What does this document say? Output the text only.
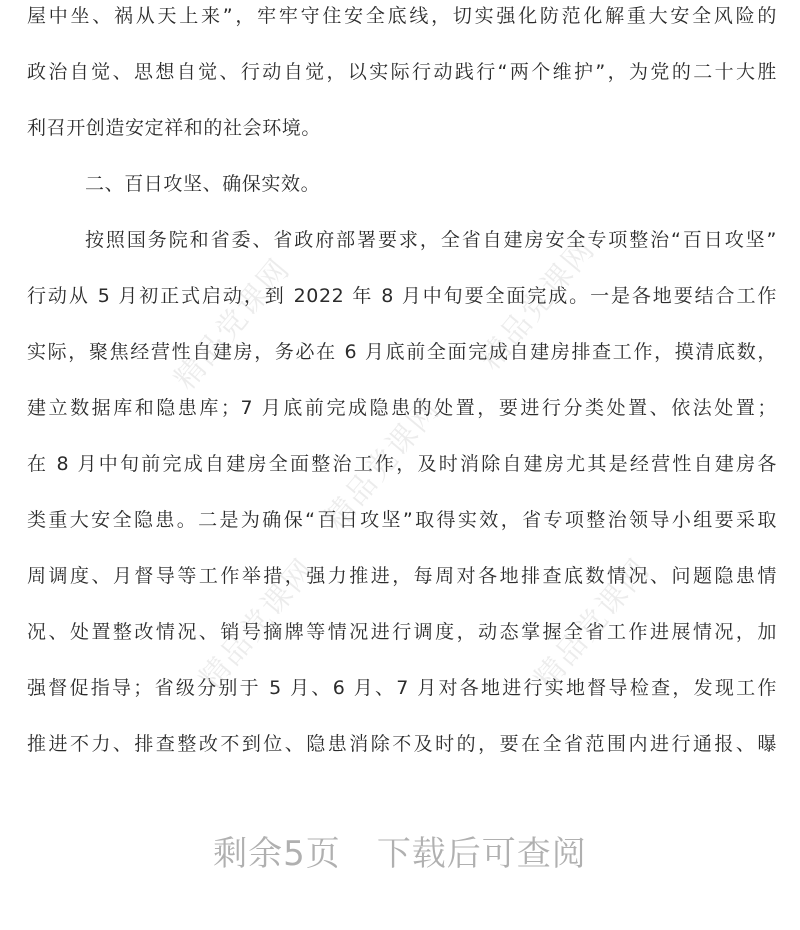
精品党课网	精品党课网
精品党课网
精品党课网	精品党课网
屋中坐、祸从天上来”，牢牢守住安全底线，切实强化防范化解重大安全风险的
政治自觉、思想自觉、行动自觉，以实际行动践行“两个维护”，为党的二十大胜
利召开创造安定祥和的社会环境。
二、百日攻坚、确保实效。
按照国务院和省委、省政府部署要求，全省自建房安全专项整治“百日攻坚”
行动从 5 月初正式启动，到 2022 年 8 月中旬要全面完成。一是各地要结合工作
实际，聚焦经营性自建房，务必在 6 月底前全面完成自建房排查工作，摸清底数，
建立数据库和隐患库；7 月底前完成隐患的处置，要进行分类处置、依法处置；
在 8 月中旬前完成自建房全面整治工作，及时消除自建房尤其是经营性自建房各
类重大安全隐患。二是为确保“百日攻坚”取得实效，省专项整治领导小组要采取
周调度、月督导等工作举措，强力推进，每周对各地排查底数情况、问题隐患情
况、处置整改情况、销号摘牌等情况进行调度，动态掌握全省工作进展情况，加
强督促指导；省级分别于 5 月、6 月、7 月对各地进行实地督导检查，发现工作
推进不力、排查整改不到位、隐患消除不及时的，要在全省范围内进行通报、曝
剩余5页 下载后可查阅
